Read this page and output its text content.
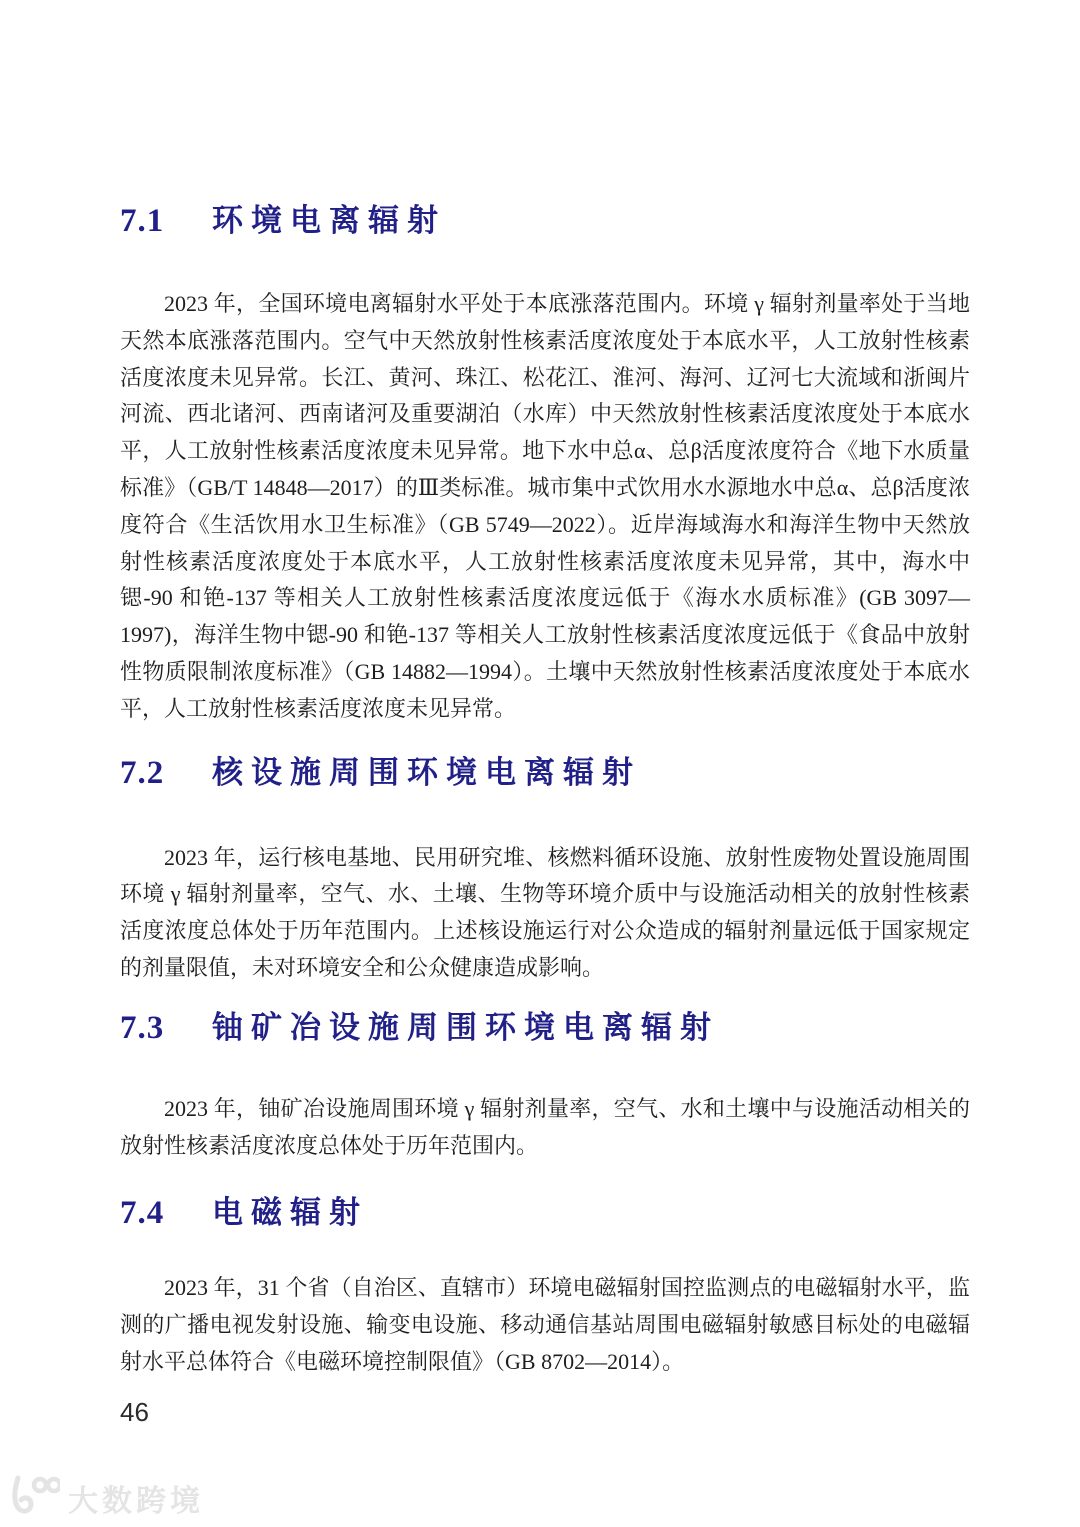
7.1 环境电离辐射

2023 年，全国环境电离辐射水平处于本底涨落范围内。环境 γ 辐射剂量率处于当地天然本底涨落范围内。空气中天然放射性核素活度浓度处于本底水平，人工放射性核素活度浓度未见异常。长江、黄河、珠江、松花江、淮河、海河、辽河七大流域和浙闽片河流、西北诸河、西南诸河及重要湖泊（水库）中天然放射性核素活度浓度处于本底水平，人工放射性核素活度浓度未见异常。地下水中总α、总β活度浓度符合《地下水质量标准》（GB/T 14848—2017）的Ⅲ类标准。城市集中式饮用水水源地水中总α、总β活度浓度符合《生活饮用水卫生标准》（GB 5749—2022）。近岸海域海水和海洋生物中天然放射性核素活度浓度处于本底水平，人工放射性核素活度浓度未见异常，其中，海水中锶-90 和铯-137 等相关人工放射性核素活度浓度远低于《海水水质标准》(GB 3097—1997)，海洋生物中锶-90 和铯-137 等相关人工放射性核素活度浓度远低于《食品中放射性物质限制浓度标准》（GB 14882—1994）。土壤中天然放射性核素活度浓度处于本底水平，人工放射性核素活度浓度未见异常。

7.2 核设施周围环境电离辐射

2023 年，运行核电基地、民用研究堆、核燃料循环设施、放射性废物处置设施周围环境 γ 辐射剂量率，空气、水、土壤、生物等环境介质中与设施活动相关的放射性核素活度浓度总体处于历年范围内。上述核设施运行对公众造成的辐射剂量远低于国家规定的剂量限值，未对环境安全和公众健康造成影响。

7.3 铀矿冶设施周围环境电离辐射

2023 年，铀矿冶设施周围环境 γ 辐射剂量率，空气、水和土壤中与设施活动相关的放射性核素活度浓度总体处于历年范围内。

7.4 电磁辐射

2023 年，31 个省（自治区、直辖市）环境电磁辐射国控监测点的电磁辐射水平，监测的广播电视发射设施、输变电设施、移动通信基站周围电磁辐射敏感目标处的电磁辐射水平总体符合《电磁环境控制限值》（GB 8702—2014）。

46
大数跨境
